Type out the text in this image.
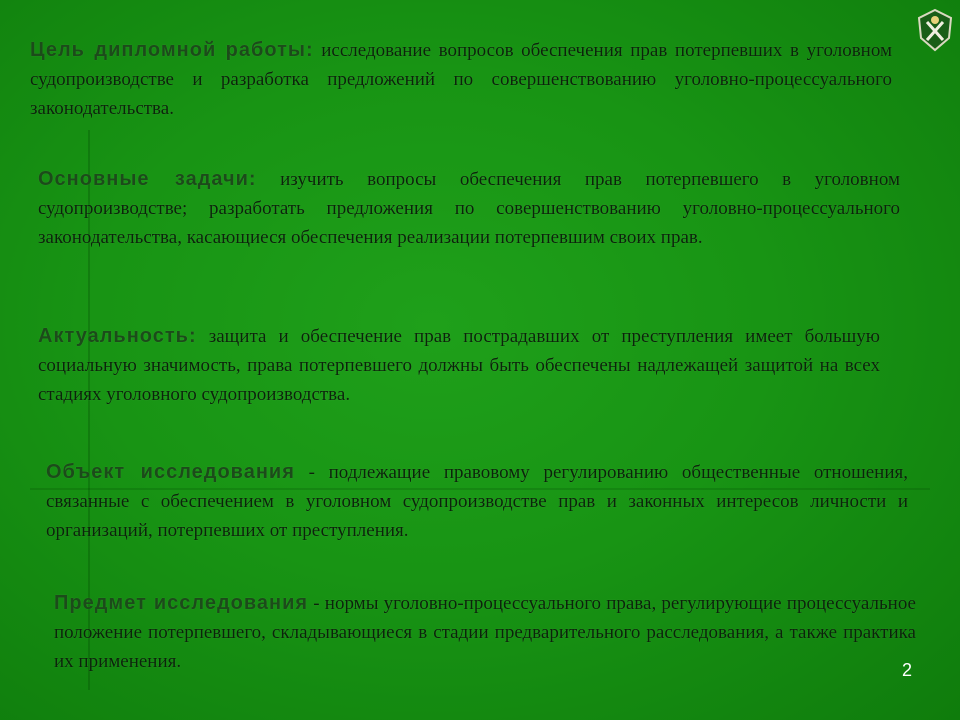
Цель дипломной работы: исследование вопросов обеспечения прав потерпевших в уголовном судопроизводстве и разработка предложений по совершенствованию уголовно-процессуального законодательства.

Основные задачи: изучить вопросы обеспечения прав потерпевшего в уголовном судопроизводстве; разработать предложения по совершенствованию уголовно-процессуального законодательства, касающиеся обеспечения реализации потерпевшим своих прав.

Актуальность: защита и обеспечение прав пострадавших от преступления имеет большую социальную значимость, права потерпевшего должны быть обеспечены надлежащей защитой на всех стадиях уголовного судопроизводства.

Объект исследования - подлежащие правовому регулированию общественные отношения, связанные с обеспечением в уголовном судопроизводстве прав и законных интересов личности и организаций, потерпевших от преступления.

Предмет исследования - нормы уголовно-процессуального права, регулирующие процессуальное положение потерпевшего, складывающиеся в стадии предварительного расследования, а также практика их применения.	2
